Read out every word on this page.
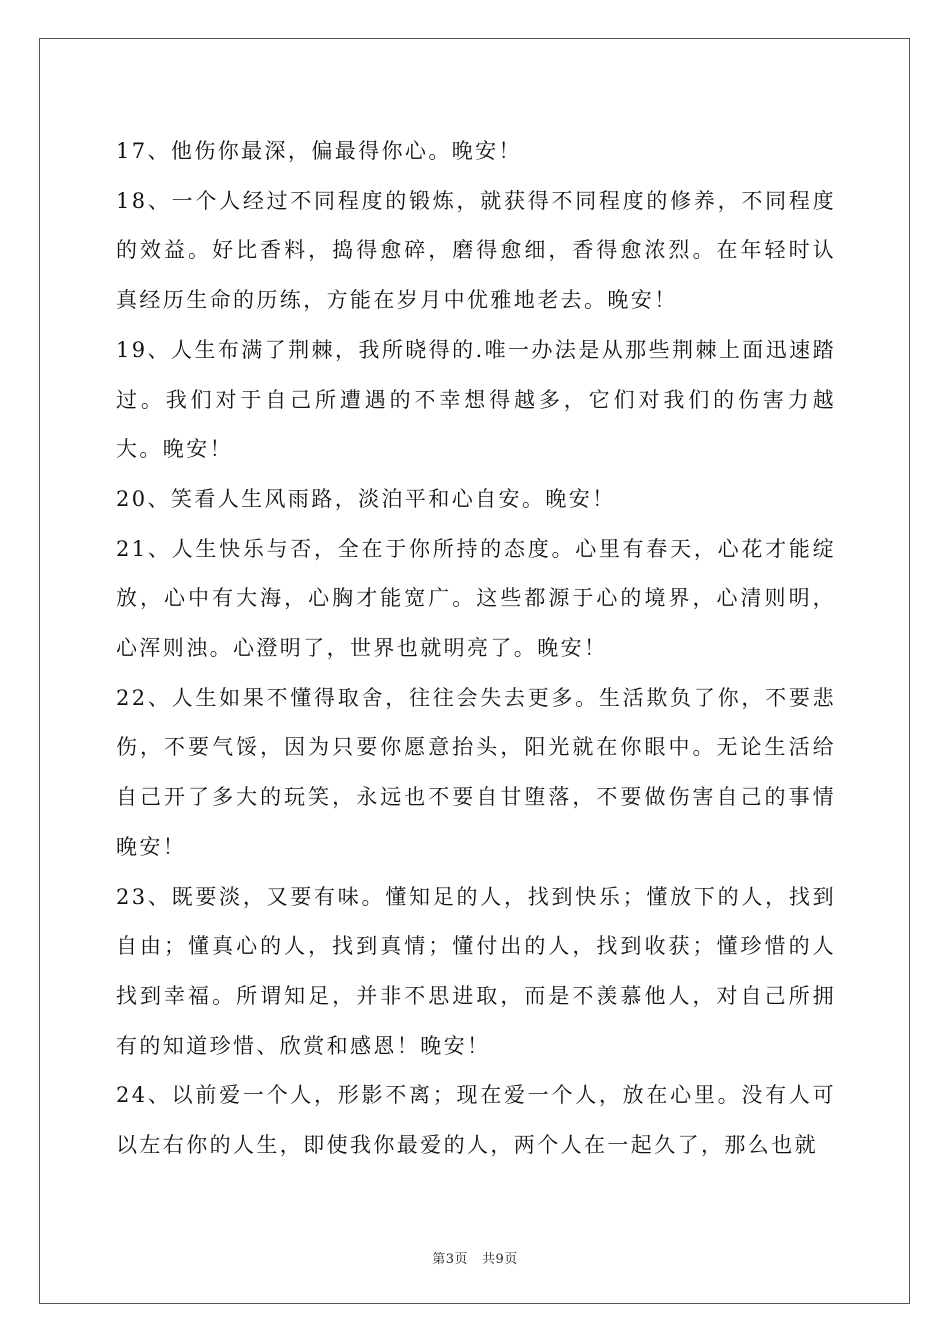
17、他伤你最深，偏最得你心。晚安！

18、一个人经过不同程度的锻炼，就获得不同程度的修养，不同程度的效益。好比香料，捣得愈碎，磨得愈细，香得愈浓烈。在年轻时认真经历生命的历练，方能在岁月中优雅地老去。晚安！

19、人生布满了荆棘，我所晓得的.唯一办法是从那些荆棘上面迅速踏过。我们对于自己所遭遇的不幸想得越多，它们对我们的伤害力越大。晚安！

20、笑看人生风雨路，淡泊平和心自安。晚安！

21、人生快乐与否，全在于你所持的态度。心里有春天，心花才能绽放，心中有大海，心胸才能宽广。这些都源于心的境界，心清则明，心浑则浊。心澄明了，世界也就明亮了。晚安！

22、人生如果不懂得取舍，往往会失去更多。生活欺负了你，不要悲伤，不要气馁，因为只要你愿意抬头，阳光就在你眼中。无论生活给自己开了多大的玩笑，永远也不要自甘堕落，不要做伤害自己的事情晚安！

23、既要淡，又要有味。懂知足的人，找到快乐；懂放下的人，找到自由；懂真心的人，找到真情；懂付出的人，找到收获；懂珍惜的人找到幸福。所谓知足，并非不思进取，而是不羡慕他人，对自己所拥有的知道珍惜、欣赏和感恩！晚安！

24、以前爱一个人，形影不离；现在爱一个人，放在心里。没有人可以左右你的人生，即使我你最爱的人，两个人在一起久了，那么也就

第3页 共9页
